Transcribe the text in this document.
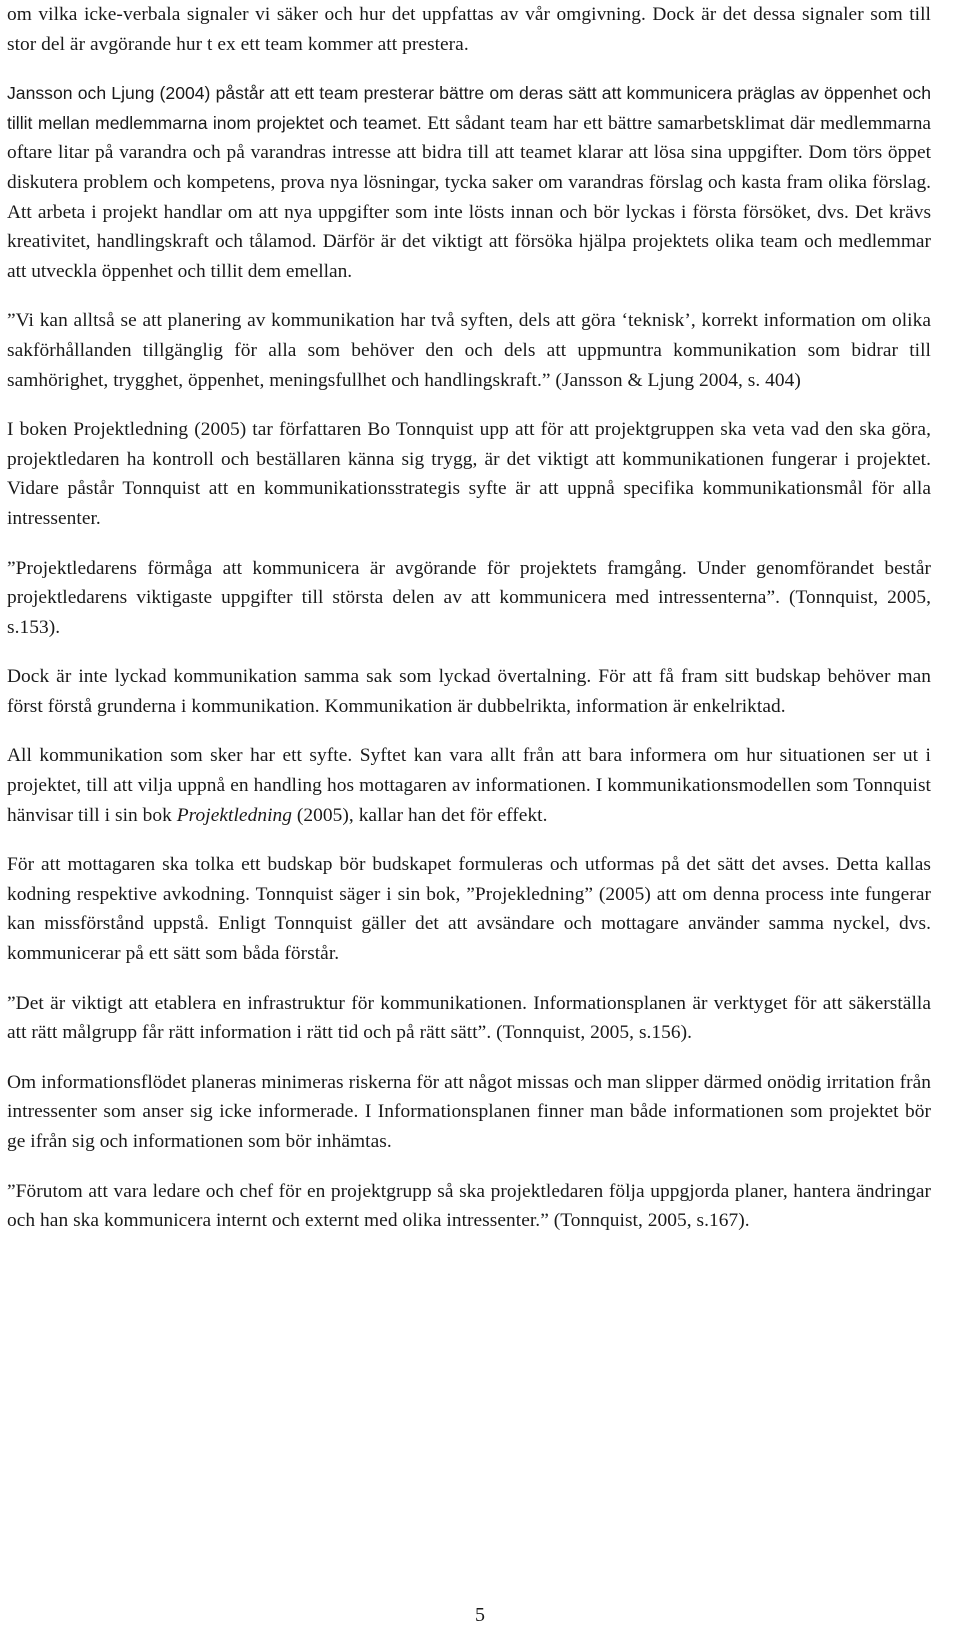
om vilka icke-verbala signaler vi säker och hur det uppfattas av vår omgivning. Dock är det dessa signaler som till stor del är avgörande hur t ex ett team kommer att prestera.

Jansson och Ljung (2004) påstår att ett team presterar bättre om deras sätt att kommunicera präglas av öppenhet och tillit mellan medlemmarna inom projektet och teamet. Ett sådant team har ett bättre samarbetsklimat där medlemmarna oftare litar på varandra och på varandras intresse att bidra till att teamet klarar att lösa sina uppgifter. Dom törs öppet diskutera problem och kompetens, prova nya lösningar, tycka saker om varandras förslag och kasta fram olika förslag. Att arbeta i projekt handlar om att nya uppgifter som inte lösts innan och bör lyckas i första försöket, dvs. Det krävs kreativitet, handlingskraft och tålamod. Därför är det viktigt att försöka hjälpa projektets olika team och medlemmar att utveckla öppenhet och tillit dem emellan.

”Vi kan alltså se att planering av kommunikation har två syften, dels att göra ‘teknisk’, korrekt information om olika sakförhållanden tillgänglig för alla som behöver den och dels att uppmuntra kommunikation som bidrar till samhörighet, trygghet, öppenhet, meningsfullhet och handlingskraft.” (Jansson & Ljung 2004, s. 404)

I boken Projektledning (2005) tar författaren Bo Tonnquist upp att för att projektgruppen ska veta vad den ska göra, projektledaren ha kontroll och beställaren känna sig trygg, är det viktigt att kommunikationen fungerar i projektet. Vidare påstår Tonnquist att en kommunikationsstrategis syfte är att uppnå specifika kommunikationsmål för alla intressenter.

”Projektledarens förmåga att kommunicera är avgörande för projektets framgång. Under genomförandet består projektledarens viktigaste uppgifter till största delen av att kommunicera med intressenterna”. (Tonnquist, 2005, s.153).

Dock är inte lyckad kommunikation samma sak som lyckad övertalning. För att få fram sitt budskap behöver man först förstå grunderna i kommunikation. Kommunikation är dubbelrikta, information är enkelriktad.

All kommunikation som sker har ett syfte. Syftet kan vara allt från att bara informera om hur situationen ser ut i projektet, till att vilja uppnå en handling hos mottagaren av informationen. I kommunikationsmodellen som Tonnquist hänvisar till i sin bok Projektledning (2005), kallar han det för effekt.

För att mottagaren ska tolka ett budskap bör budskapet formuleras och utformas på det sätt det avses. Detta kallas kodning respektive avkodning. Tonnquist säger i sin bok, ”Projekledning” (2005) att om denna process inte fungerar kan missförstånd uppstå. Enligt Tonnquist gäller det att avsändare och mottagare använder samma nyckel, dvs. kommunicerar på ett sätt som båda förstår.

”Det är viktigt att etablera en infrastruktur för kommunikationen. Informationsplanen är verktyget för att säkerställa att rätt målgrupp får rätt information i rätt tid och på rätt sätt”. (Tonnquist, 2005, s.156).

Om informationsflödet planeras minimeras riskerna för att något missas och man slipper därmed onödig irritation från intressenter som anser sig icke informerade. I Informationsplanen finner man både informationen som projektet bör ge ifrån sig och informationen som bör inhämtas.

”Förutom att vara ledare och chef för en projektgrupp så ska projektledaren följa uppgjorda planer, hantera ändringar och han ska kommunicera internt och externt med olika intressenter.” (Tonnquist, 2005, s.167).

5
